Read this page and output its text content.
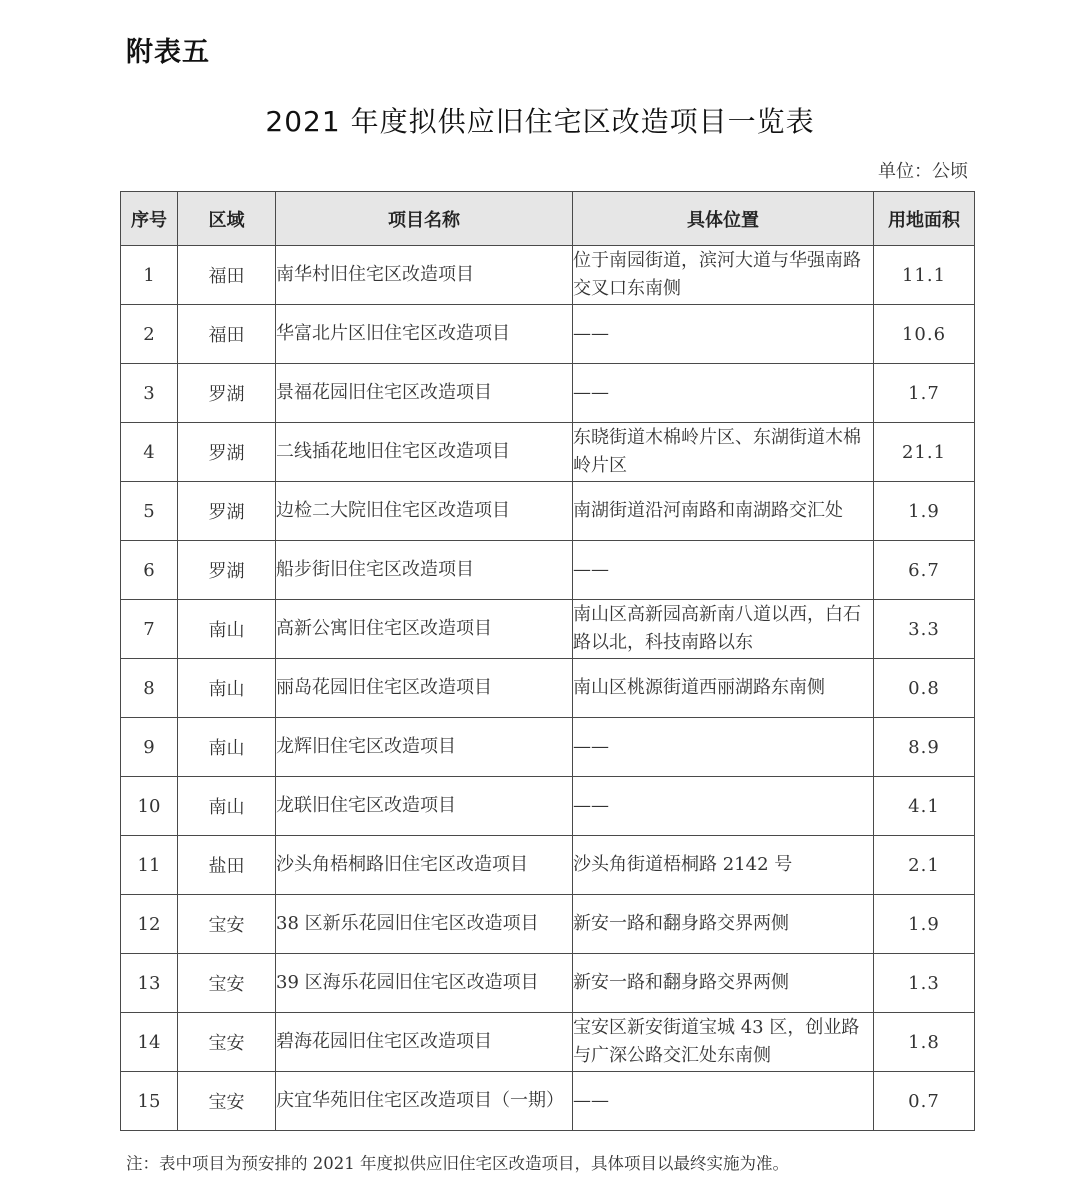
附表五
2021 年度拟供应旧住宅区改造项目一览表
单位：公顷
序号	区域	项目名称	具体位置	用地面积
1	福田	南华村旧住宅区改造项目	位于南园街道，滨河大道与华强南路交叉口东南侧	11.1
2	福田	华富北片区旧住宅区改造项目	——	10.6
3	罗湖	景福花园旧住宅区改造项目	——	1.7
4	罗湖	二线插花地旧住宅区改造项目	东晓街道木棉岭片区、东湖街道木棉岭片区	21.1
5	罗湖	边检二大院旧住宅区改造项目	南湖街道沿河南路和南湖路交汇处	1.9
6	罗湖	船步街旧住宅区改造项目	——	6.7
7	南山	高新公寓旧住宅区改造项目	南山区高新园高新南八道以西，白石路以北，科技南路以东	3.3
8	南山	丽岛花园旧住宅区改造项目	南山区桃源街道西丽湖路东南侧	0.8
9	南山	龙辉旧住宅区改造项目	——	8.9
10	南山	龙联旧住宅区改造项目	——	4.1
11	盐田	沙头角梧桐路旧住宅区改造项目	沙头角街道梧桐路 2142 号	2.1
12	宝安	38 区新乐花园旧住宅区改造项目	新安一路和翻身路交界两侧	1.9
13	宝安	39 区海乐花园旧住宅区改造项目	新安一路和翻身路交界两侧	1.3
14	宝安	碧海花园旧住宅区改造项目	宝安区新安街道宝城 43 区，创业路与广深公路交汇处东南侧	1.8
15	宝安	庆宜华苑旧住宅区改造项目（一期）	——	0.7
注：表中项目为预安排的 2021 年度拟供应旧住宅区改造项目，具体项目以最终实施为准。
